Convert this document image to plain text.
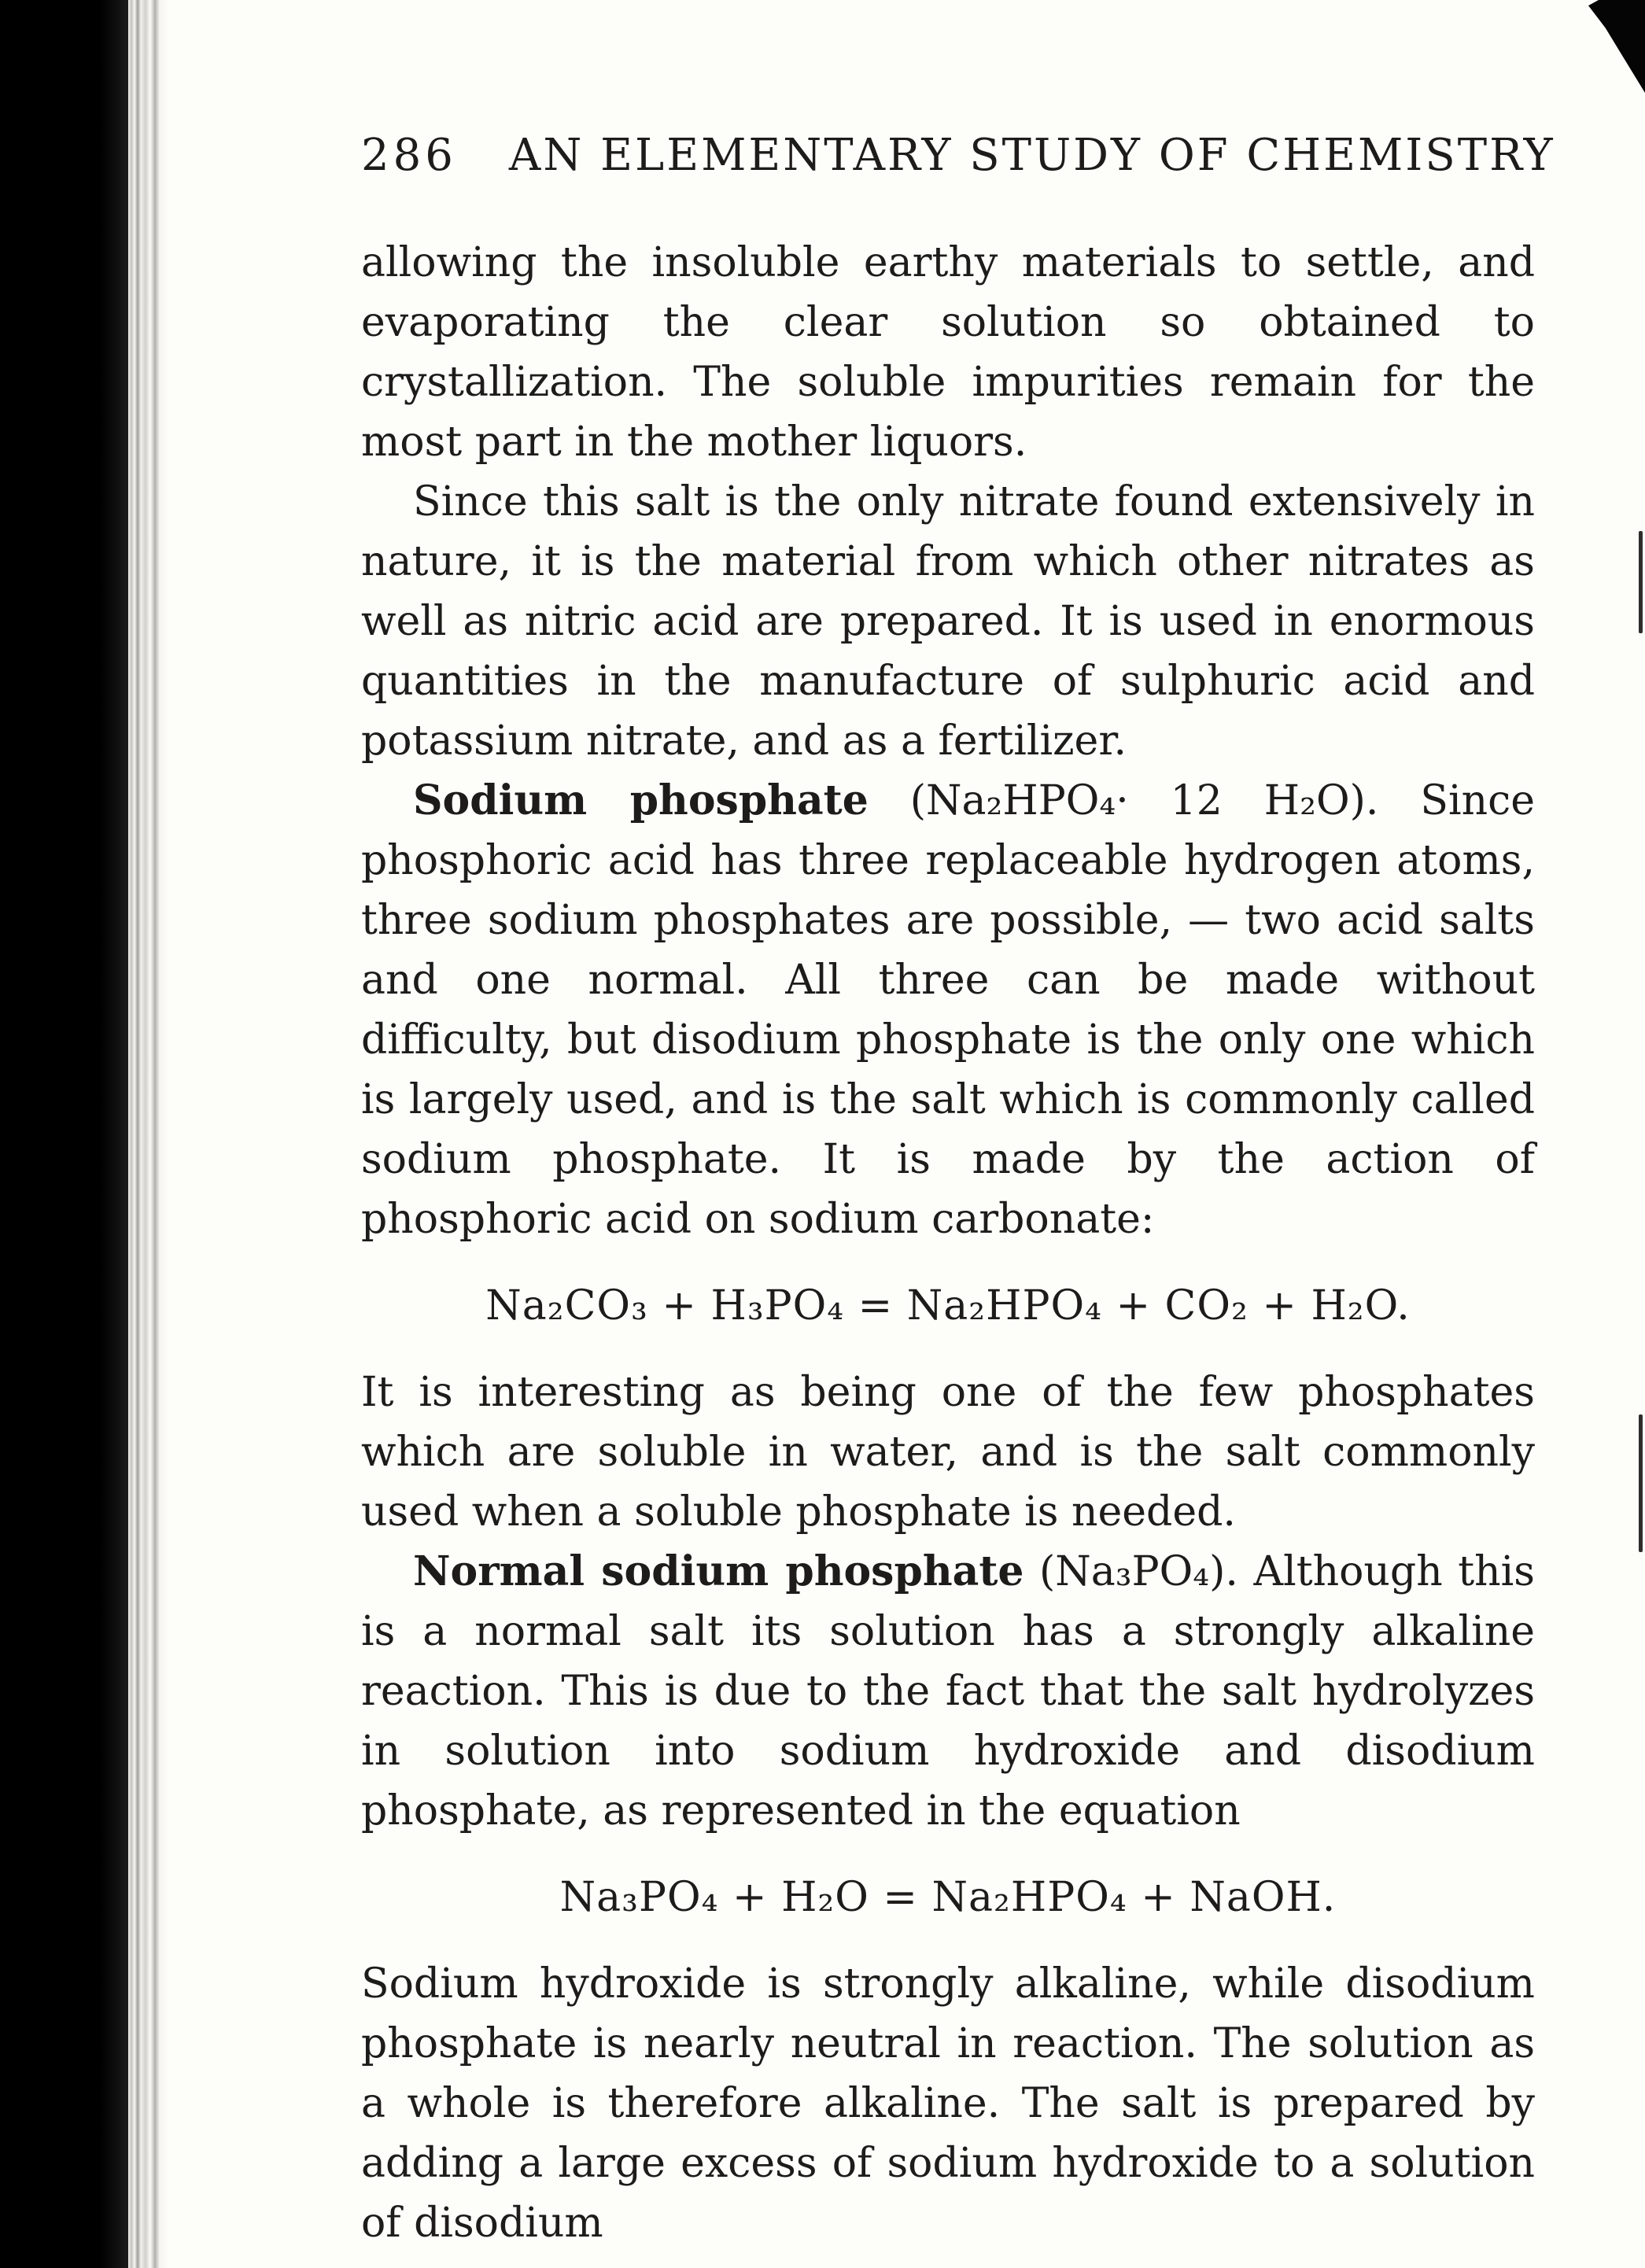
286 AN ELEMENTARY STUDY OF CHEMISTRY

allowing the insoluble earthy materials to settle, and evaporating the clear solution so obtained to crystallization. The soluble impurities remain for the most part in the mother liquors.

Since this salt is the only nitrate found extensively in nature, it is the material from which other nitrates as well as nitric acid are prepared. It is used in enormous quantities in the manufacture of sulphuric acid and potassium nitrate, and as a fertilizer.

Sodium phosphate (Na₂HPO₄· 12 H₂O). Since phosphoric acid has three replaceable hydrogen atoms, three sodium phosphates are possible, — two acid salts and one normal. All three can be made without difficulty, but disodium phosphate is the only one which is largely used, and is the salt which is commonly called sodium phosphate. It is made by the action of phosphoric acid on sodium carbonate:

Na₂CO₃ + H₃PO₄ = Na₂HPO₄ + CO₂ + H₂O.

It is interesting as being one of the few phosphates which are soluble in water, and is the salt commonly used when a soluble phosphate is needed.

Normal sodium phosphate (Na₃PO₄). Although this is a normal salt its solution has a strongly alkaline reaction. This is due to the fact that the salt hydrolyzes in solution into sodium hydroxide and disodium phosphate, as represented in the equation

Na₃PO₄ + H₂O = Na₂HPO₄ + NaOH.

Sodium hydroxide is strongly alkaline, while disodium phosphate is nearly neutral in reaction. The solution as a whole is therefore alkaline. The salt is prepared by adding a large excess of sodium hydroxide to a solution of disodium
